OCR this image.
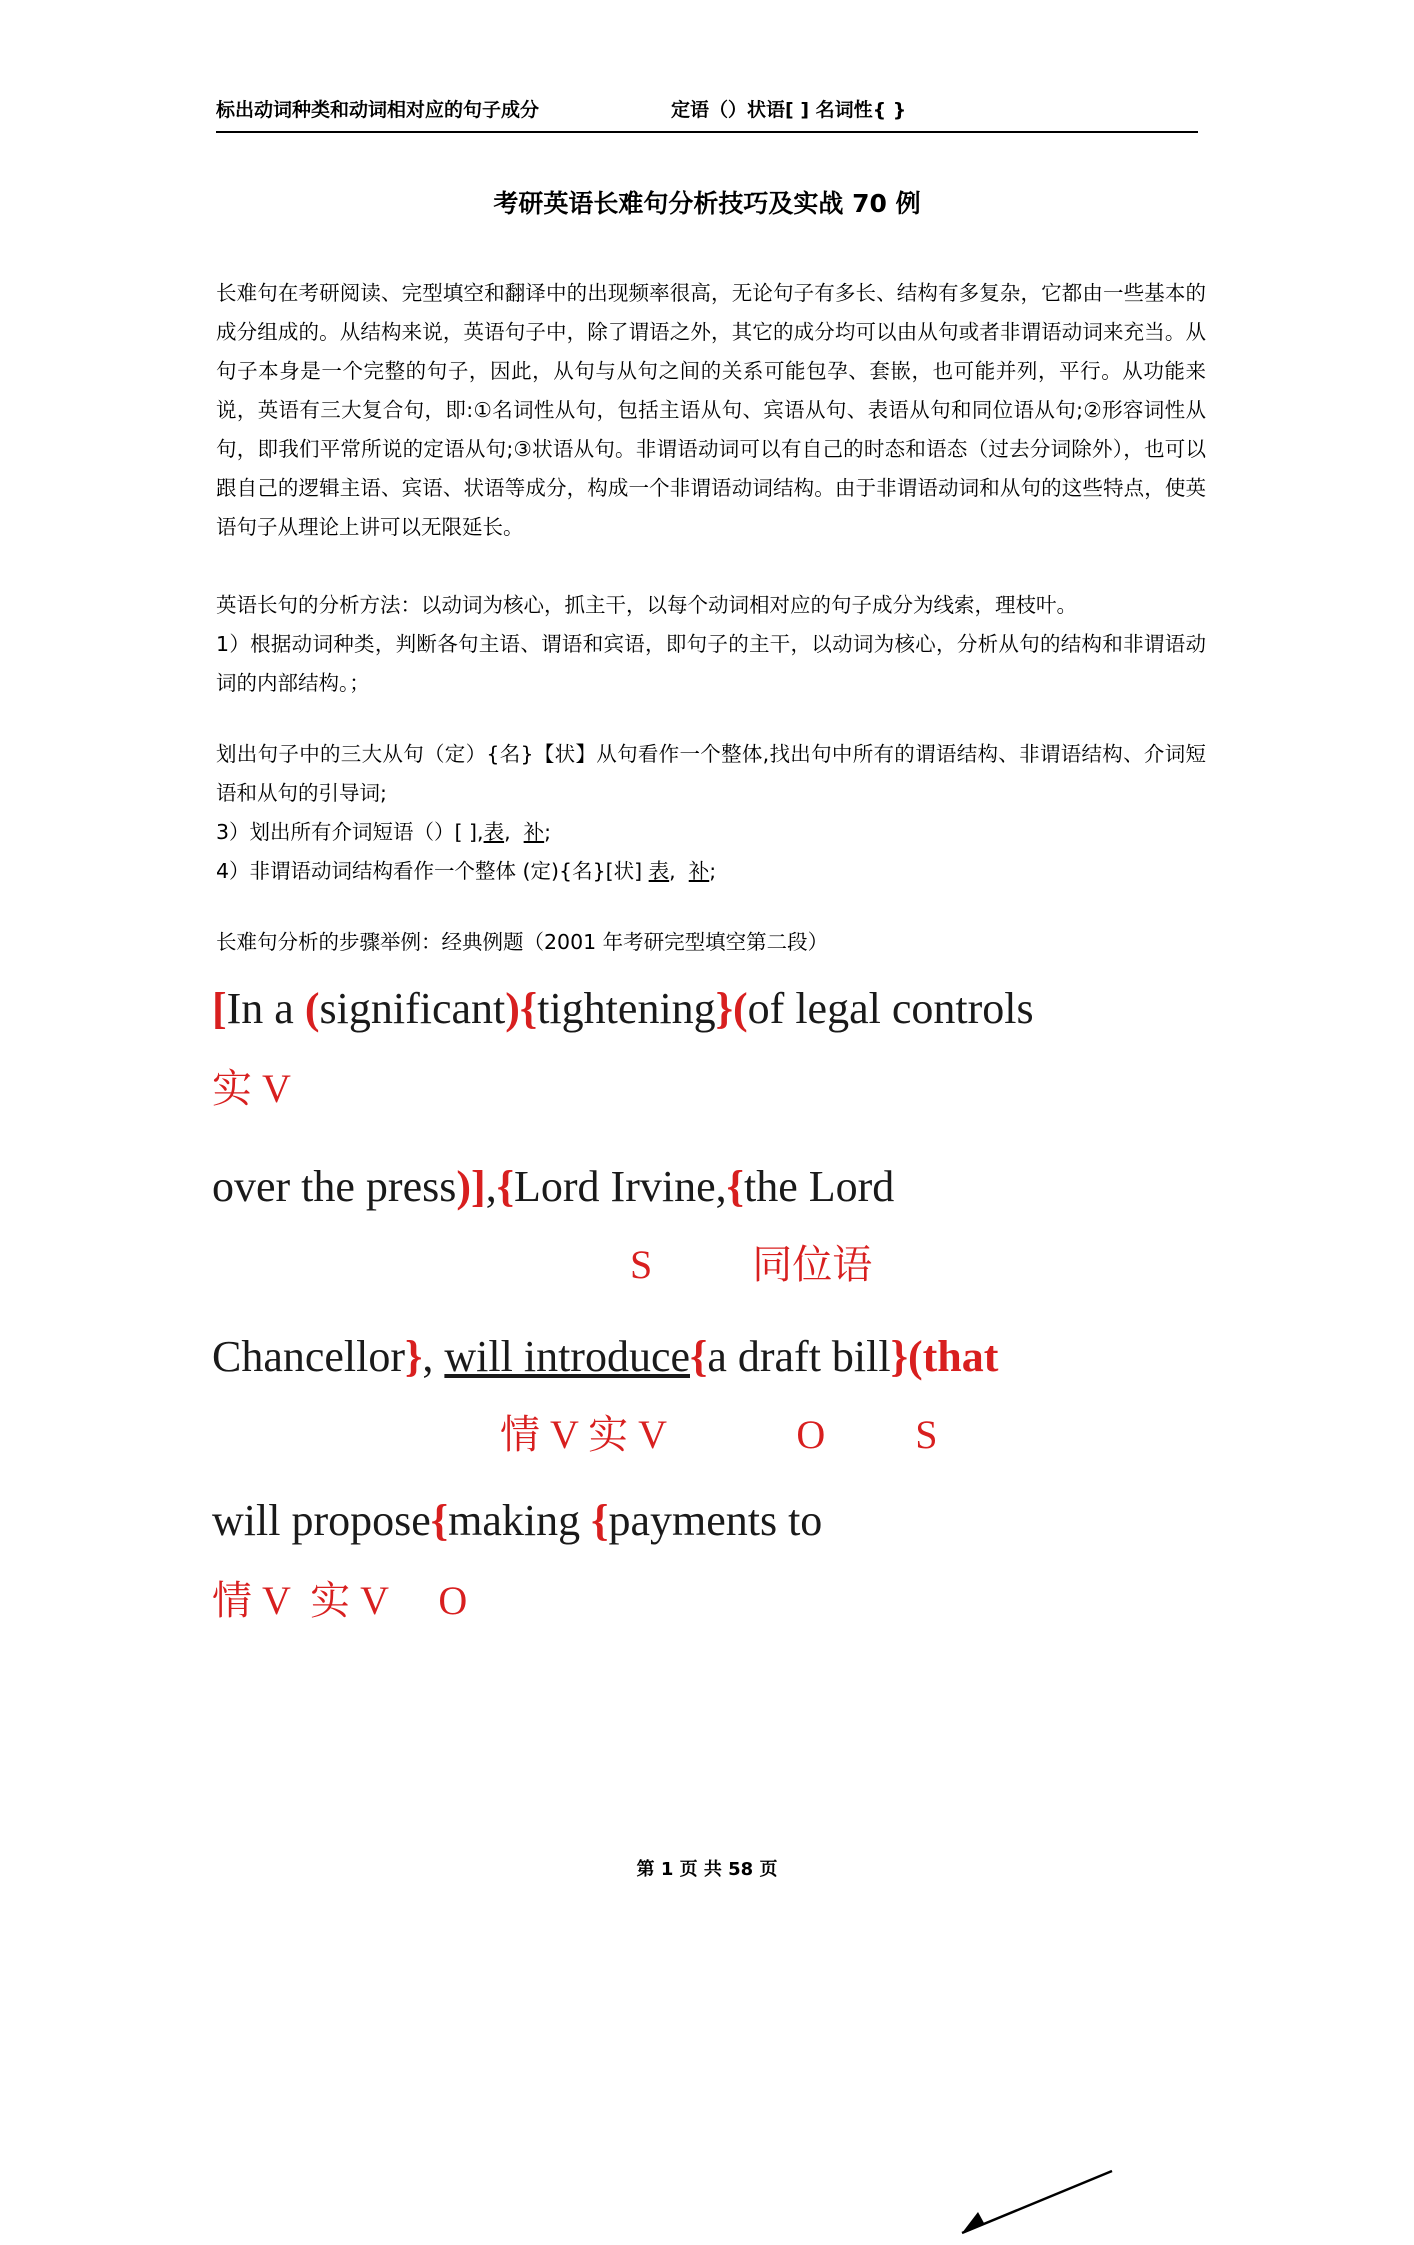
标出动词种类和动词相对应的句子成分	定语（）状语[ ] 名词性{ }
考研英语长难句分析技巧及实战 70 例

长难句在考研阅读、完型填空和翻译中的出现频率很高，无论句子有多长、结构有多复杂，它都由一些基本的成分组成的。从结构来说，英语句子中，除了谓语之外，其它的成分均可以由从句或者非谓语动词来充当。从句子本身是一个完整的句子，因此，从句与从句之间的关系可能包孕、套嵌，也可能并列，平行。从功能来说，英语有三大复合句，即:①名词性从句，包括主语从句、宾语从句、表语从句和同位语从句;②形容词性从句，即我们平常所说的定语从句;③状语从句。非谓语动词可以有自己的时态和语态（过去分词除外），也可以跟自己的逻辑主语、宾语、状语等成分，构成一个非谓语动词结构。由于非谓语动词和从句的这些特点，使英语句子从理论上讲可以无限延长。

英语长句的分析方法：以动词为核心，抓主干，以每个动词相对应的句子成分为线索，理枝叶。

1）根据动词种类，判断各句主语、谓语和宾语，即句子的主干，以动词为核心，分析从句的结构和非谓语动词的内部结构。；

划出句子中的三大从句（定）{名}【状】从句看作一个整体,找出句中所有的谓语结构、非谓语结构、介词短语和从句的引导词;

3）划出所有介词短语（）[ ],表, 补;

4）非谓语动词结构看作一个整体 (定){名}[状] 表, 补;

长难句分析的步骤举例：经典例题（2001 年考研完型填空第二段）

[In a (significant){tightening}(of legal controls
实 V
over the press)],{Lord Irvine,{the Lord
S          同位语
Chancellor}, will introduce{a draft bill}(that
情 V 实 V             O         S
will propose{making {payments to
情 V  实 V     O
第 1 页 共 58 页
